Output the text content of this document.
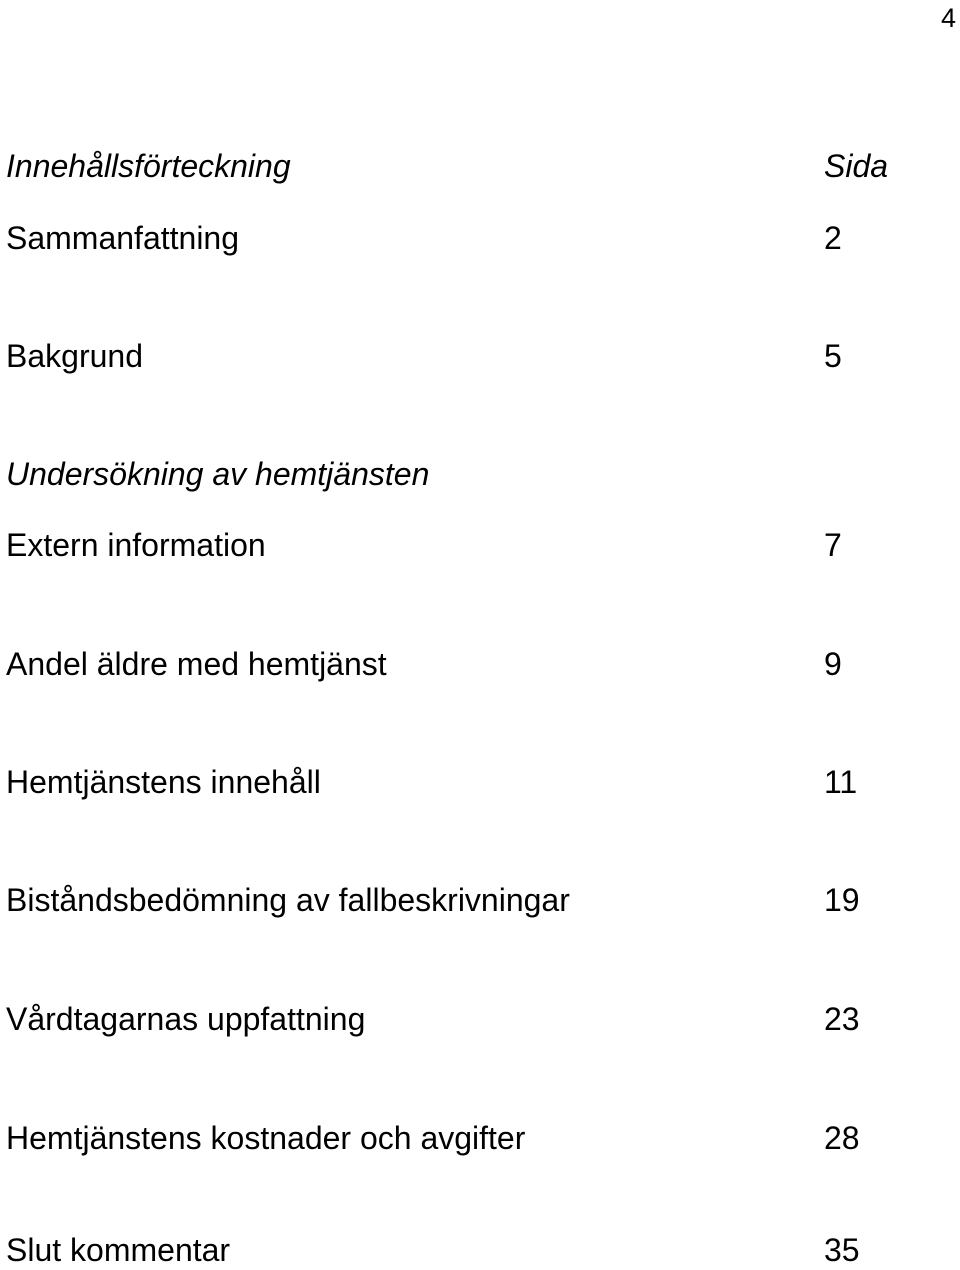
4
Innehållsförteckning	Sida
Sammanfattning	2
Bakgrund	5
Undersökning av hemtjänsten
Extern information	7
Andel äldre med hemtjänst	9
Hemtjänstens innehåll	11
Biståndsbedömning av fallbeskrivningar	19
Vårdtagarnas uppfattning	23
Hemtjänstens kostnader och avgifter	28
Slut kommentar	35
